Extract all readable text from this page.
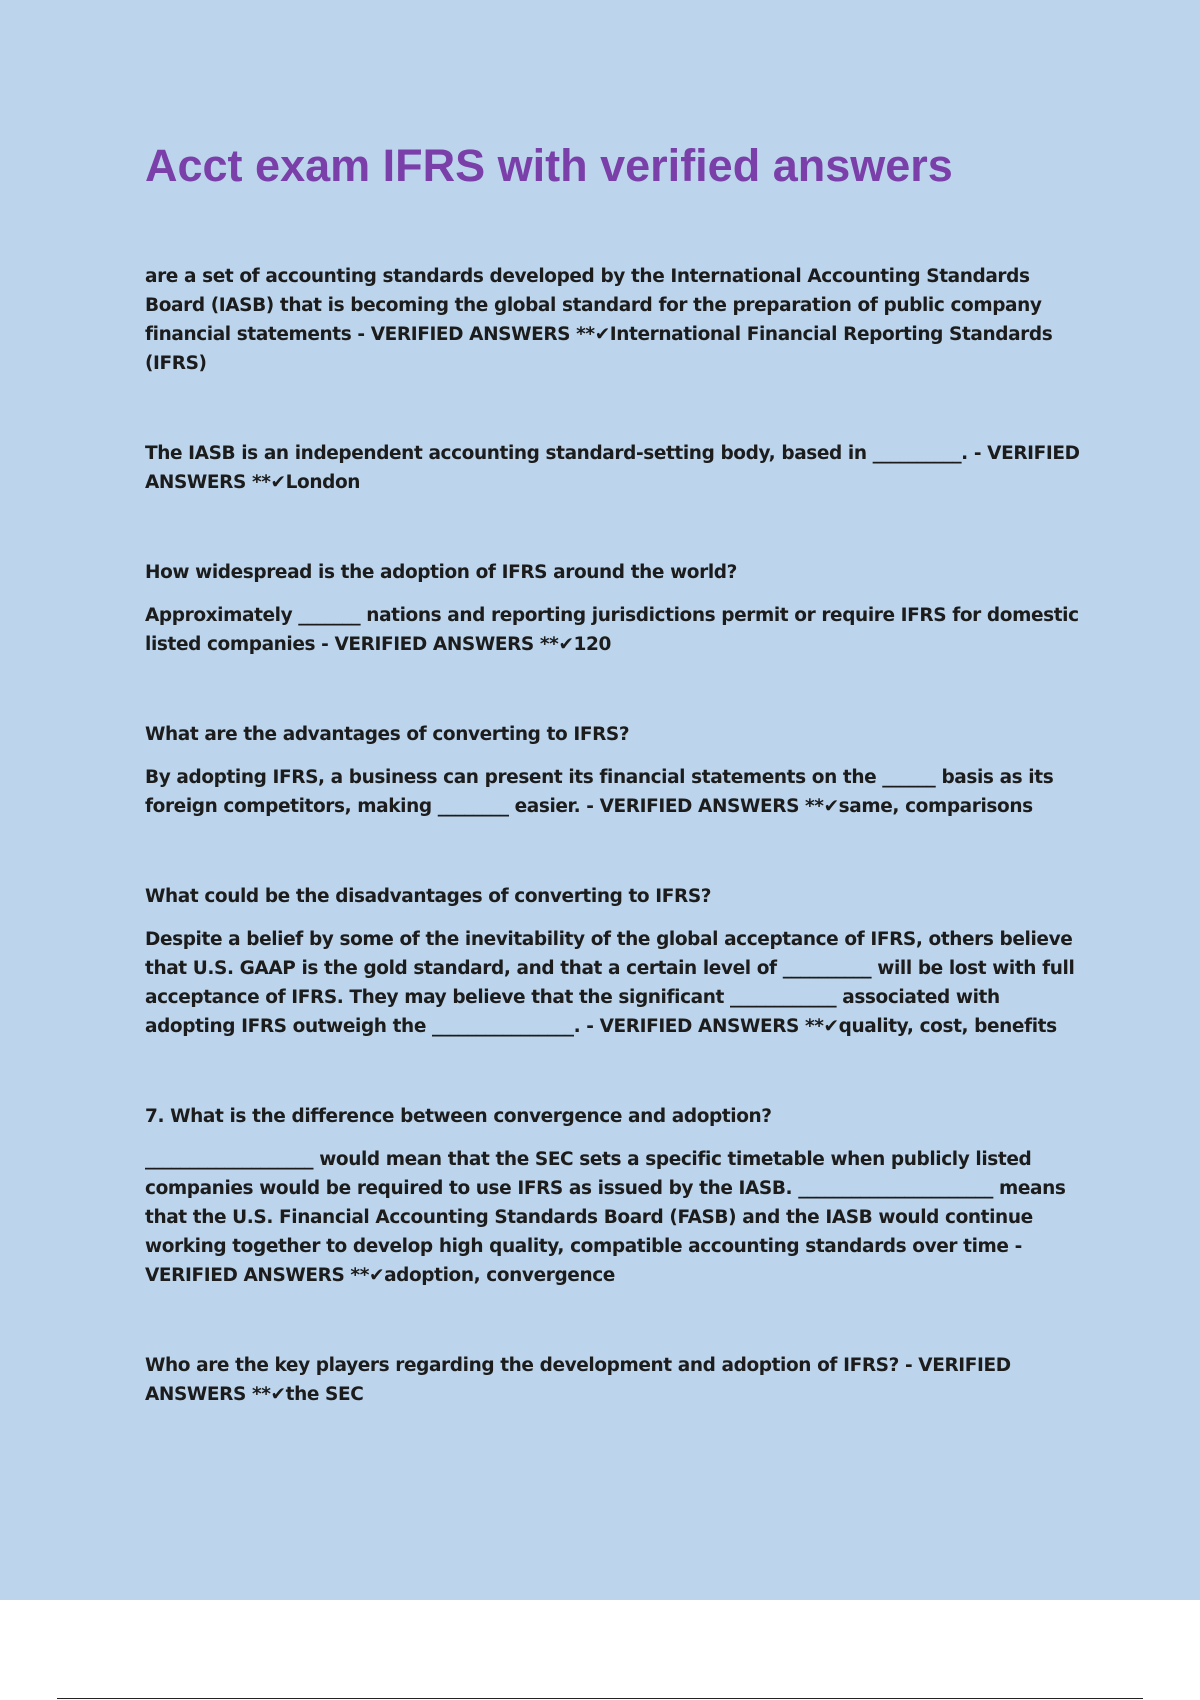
Acct exam IFRS with verified answers

are a set of accounting standards developed by the International Accounting Standards Board (IASB) that is becoming the global standard for the preparation of public company financial statements - VERIFIED ANSWERS **✔International Financial Reporting Standards (IFRS)

The IASB is an independent accounting standard-setting body, based in __________. - VERIFIED ANSWERS **✔London

How widespread is the adoption of IFRS around the world?

Approximately _______ nations and reporting jurisdictions permit or require IFRS for domestic listed companies - VERIFIED ANSWERS **✔120

What are the advantages of converting to IFRS?

By adopting IFRS, a business can present its financial statements on the ______ basis as its foreign competitors, making ________ easier. - VERIFIED ANSWERS **✔same, comparisons

What could be the disadvantages of converting to IFRS?

Despite a belief by some of the inevitability of the global acceptance of IFRS, others believe that U.S. GAAP is the gold standard, and that a certain level of __________ will be lost with full acceptance of IFRS. They may believe that the significant ____________ associated with adopting IFRS outweigh the ________________. - VERIFIED ANSWERS **✔quality, cost, benefits

7. What is the difference between convergence and adoption?

___________________ would mean that the SEC sets a specific timetable when publicly listed companies would be required to use IFRS as issued by the IASB. ______________________ means that the U.S. Financial Accounting Standards Board (FASB) and the IASB would continue working together to develop high quality, compatible accounting standards over time - VERIFIED ANSWERS **✔adoption, convergence

Who are the key players regarding the development and adoption of IFRS? - VERIFIED ANSWERS **✔the SEC
